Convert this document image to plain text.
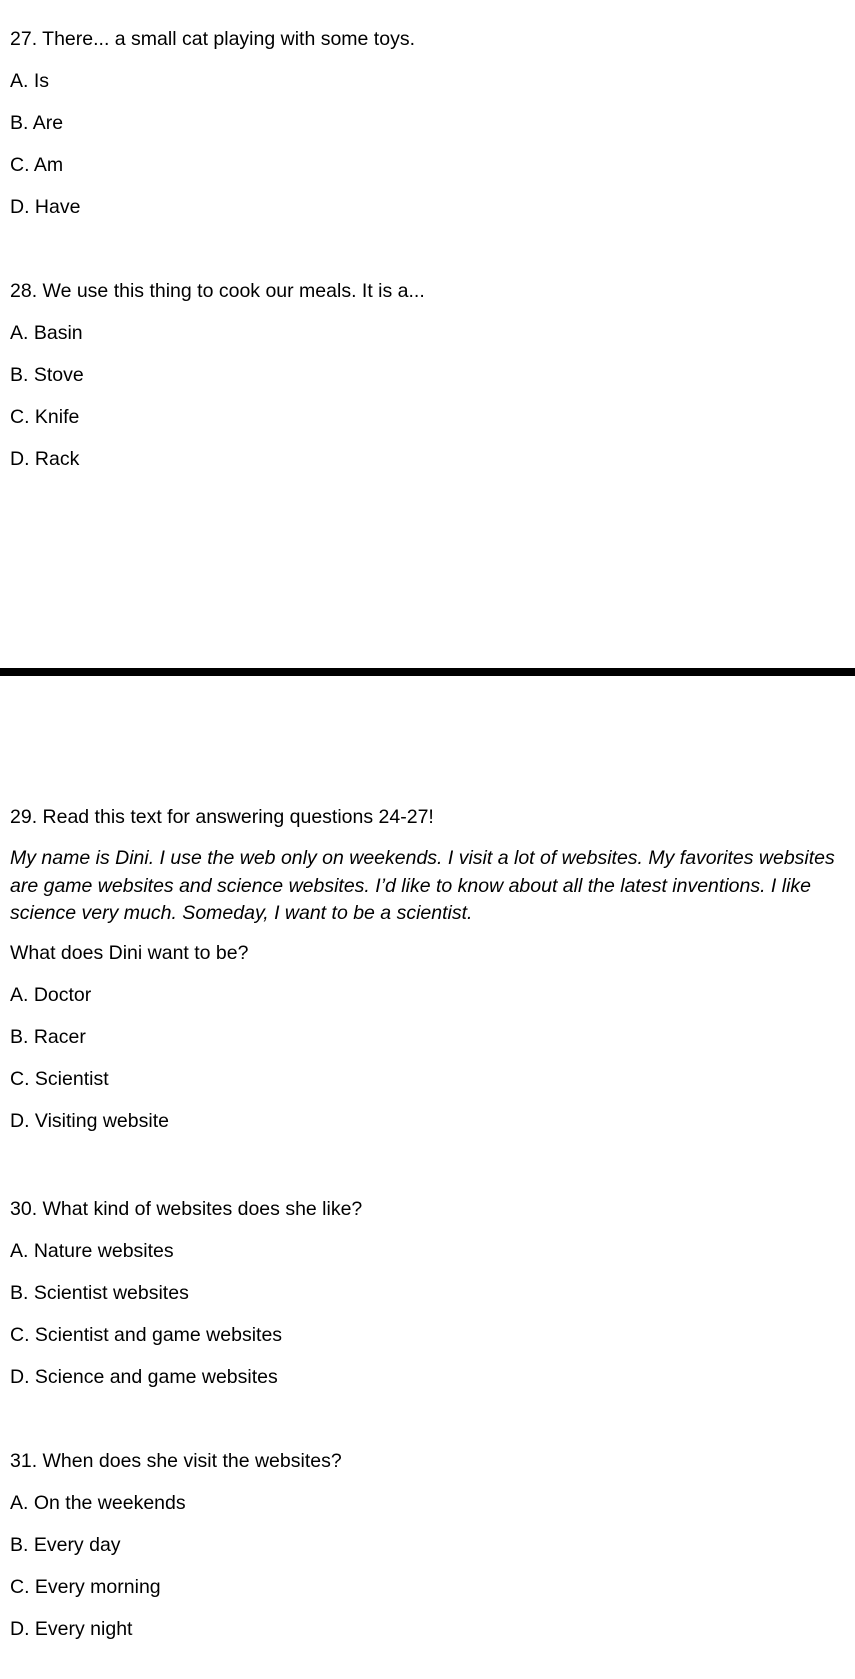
27. There... a small cat playing with some toys.
A. Is
B. Are
C. Am
D. Have
28. We use this thing to cook our meals. It is a...
A. Basin
B. Stove
C. Knife
D. Rack
29. Read this text for answering questions 24-27!
My name is Dini. I use the web only on weekends. I visit a lot of websites. My favorites websites are game websites and science websites. I’d like to know about all the latest inventions. I like science very much. Someday, I want to be a scientist.
What does Dini want to be?
A. Doctor
B. Racer
C. Scientist
D. Visiting website
30. What kind of websites does she like?
A. Nature websites
B. Scientist websites
C. Scientist and game websites
D. Science and game websites
31. When does she visit the websites?
A. On the weekends
B. Every day
C. Every morning
D. Every night
